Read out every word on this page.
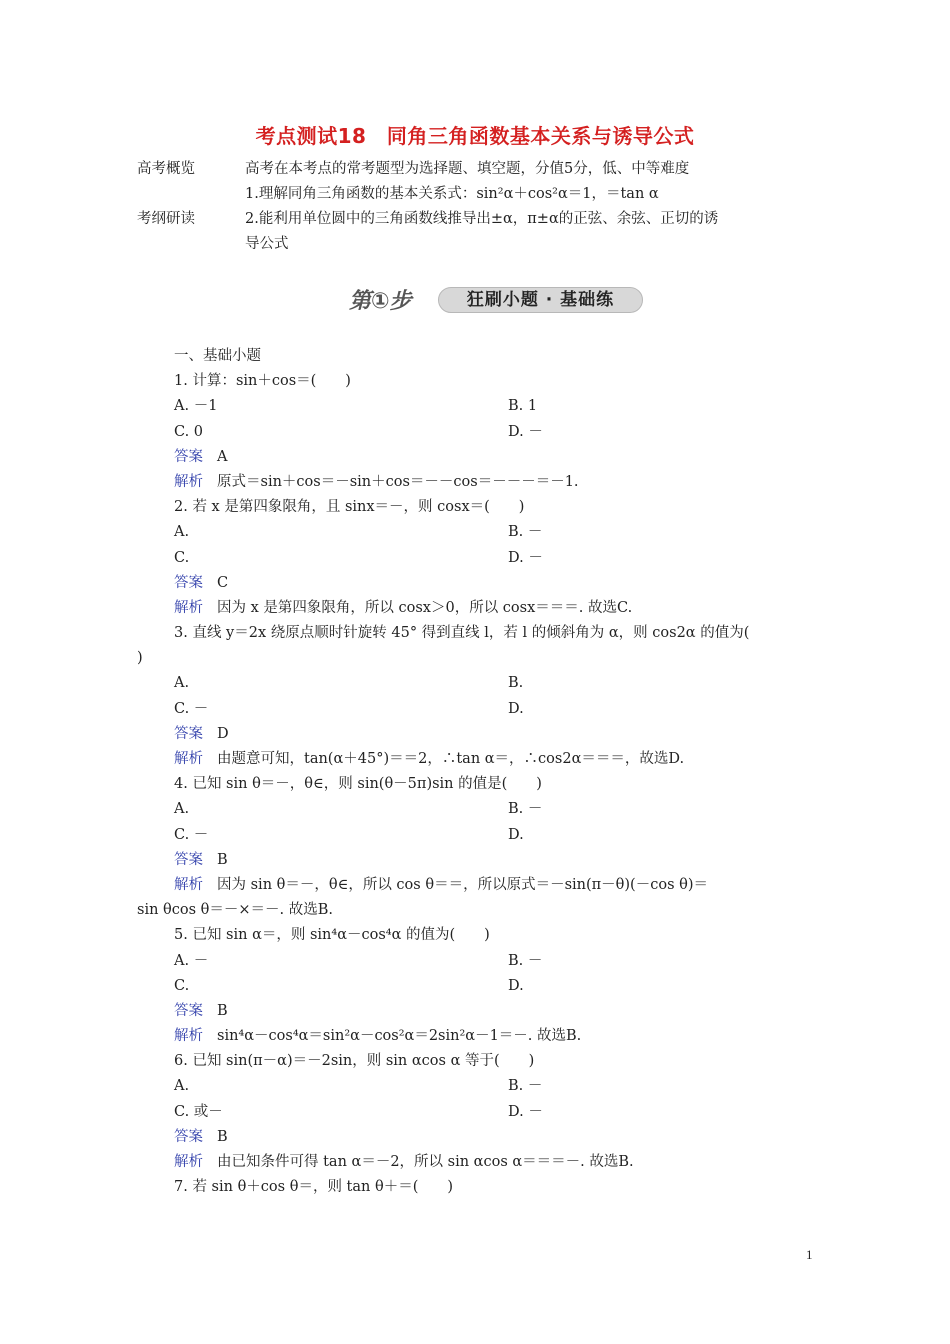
考点测试18　同角三角函数基本关系与诱导公式
高考概览	高考在本考点的常考题型为选择题、填空题，分值5分，低、中等难度
1.理解同角三角函数的基本关系式：sin²α＋cos²α＝1，＝tan α
考纲研读	2.能利用单位圆中的三角函数线推导出±α，π±α的正弦、余弦、正切的诱
导公式
第①步	狂刷小题 · 基础练
一、基础小题
1. 计算：sin＋cos＝(　　)
A. －1	B. 1
C. 0	D. －
答案 A
解析 原式＝sin＋cos＝－sin＋cos＝－－cos＝－－－＝－1.
2. 若 x 是第四象限角，且 sinx＝－，则 cosx＝(　　)
A.	B. －
C.	D. －
答案 C
解析 因为 x 是第四象限角，所以 cosx＞0，所以 cosx＝＝＝. 故选C.
3. 直线 y＝2x 绕原点顺时针旋转 45° 得到直线 l，若 l 的倾斜角为 α，则 cos2α 的值为(
)
A.	B.
C. －	D.
答案 D
解析 由题意可知，tan(α＋45°)＝＝2，∴tan α＝，∴cos2α＝＝＝，故选D.
4. 已知 sin θ＝－，θ∈，则 sin(θ－5π)sin 的值是(　　)
A.	B. －
C. －	D.
答案 B
解析 因为 sin θ＝－，θ∈，所以 cos θ＝＝，所以原式＝－sin(π－θ)(－cos θ)＝
sin θcos θ＝－×＝－. 故选B.
5. 已知 sin α＝，则 sin⁴α－cos⁴α 的值为(　　)
A. －	B. －
C.	D.
答案 B
解析 sin⁴α－cos⁴α＝sin²α－cos²α＝2sin²α－1＝－. 故选B.
6. 已知 sin(π－α)＝－2sin，则 sin αcos α 等于(　　)
A.	B. －
C. 或－	D. －
答案 B
解析 由已知条件可得 tan α＝－2，所以 sin αcos α＝＝＝－. 故选B.
7. 若 sin θ＋cos θ＝，则 tan θ＋＝(　　)
1
